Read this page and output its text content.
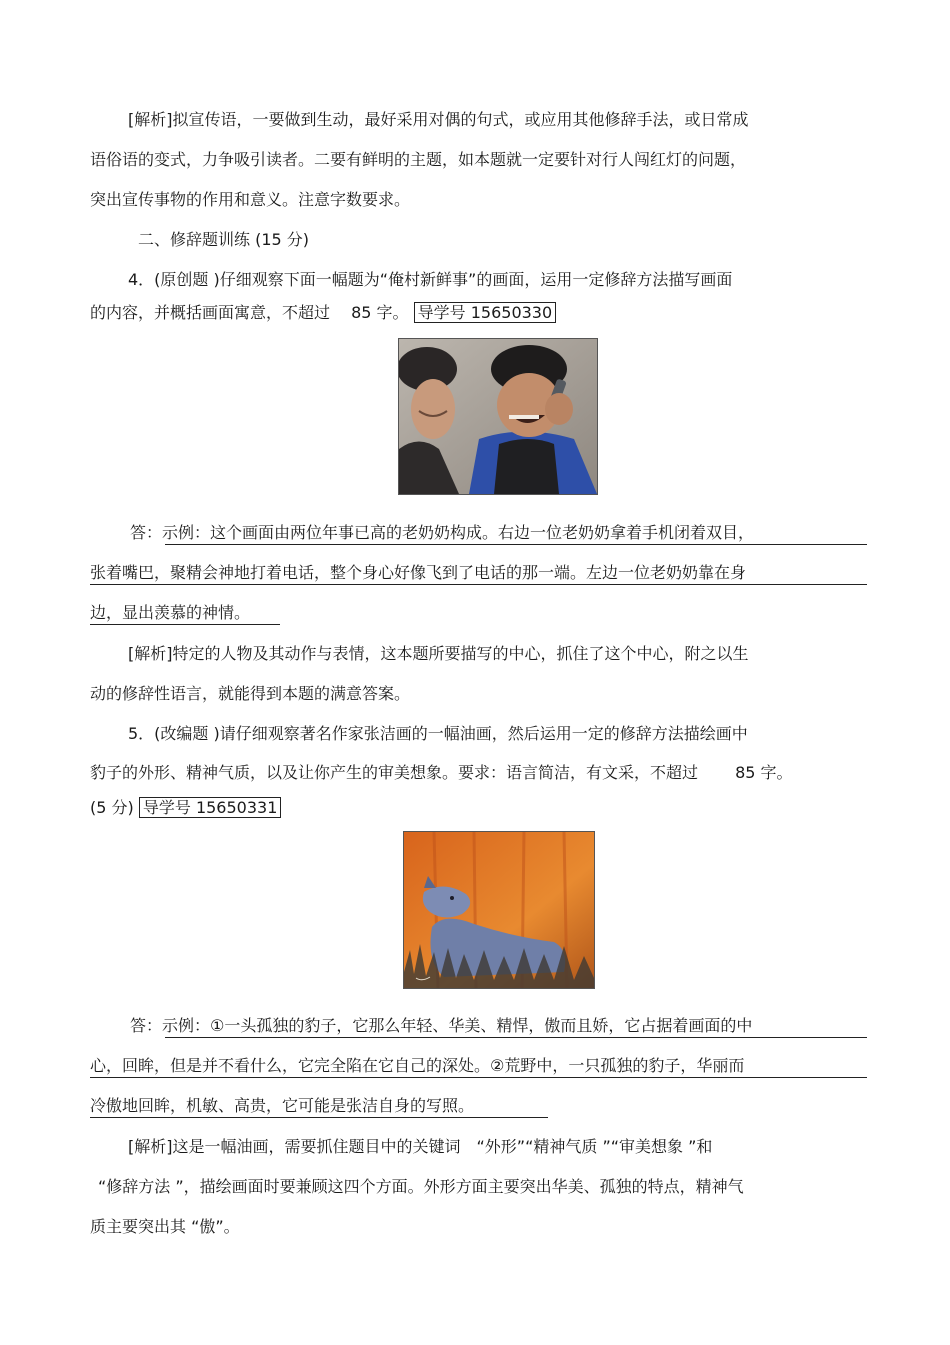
[解析]拟宣传语，一要做到生动，最好采用对偶的句式，或应用其他修辞手法，或日常成
语俗语的变式，力争吸引读者。二要有鲜明的主题，如本题就一定要针对行人闯红灯的问题，
突出宣传事物的作用和意义。注意字数要求。
二、修辞题训练 (15 分)
4．(原创题 )仔细观察下面一幅题为“俺村新鲜事”的画面，运用一定修辞方法描写画面
的内容，并概括画面寓意，不超过　 85 字。 导学号 15650330
答：示例：这个画面由两位年事已高的老奶奶构成。右边一位老奶奶拿着手机闭着双目，
张着嘴巴，聚精会神地打着电话，整个身心好像飞到了电话的那一端。左边一位老奶奶靠在身
边，显出羡慕的神情。
[解析]特定的人物及其动作与表情，这本题所要描写的中心，抓住了这个中心，附之以生
动的修辞性语言，就能得到本题的满意答案。
5．(改编题 )请仔细观察著名作家张洁画的一幅油画，然后运用一定的修辞方法描绘画中
豹子的外形、精神气质，以及让你产生的审美想象。要求：语言简洁，有文采，不超过　　 85 字。
(5 分) 导学号 15650331
答：示例：①一头孤独的豹子，它那么年轻、华美、精悍，傲而且娇，它占据着画面的中
心，回眸，但是并不看什么，它完全陷在它自己的深处。②荒野中，一只孤独的豹子，华丽而
冷傲地回眸，机敏、高贵，它可能是张洁自身的写照。
[解析]这是一幅油画，需要抓住题目中的关键词　“外形”“精神气质 ”“审美想象 ”和
“修辞方法 ”，描绘画面时要兼顾这四个方面。外形方面主要突出华美、孤独的特点，精神气
质主要突出其 “傲”。
